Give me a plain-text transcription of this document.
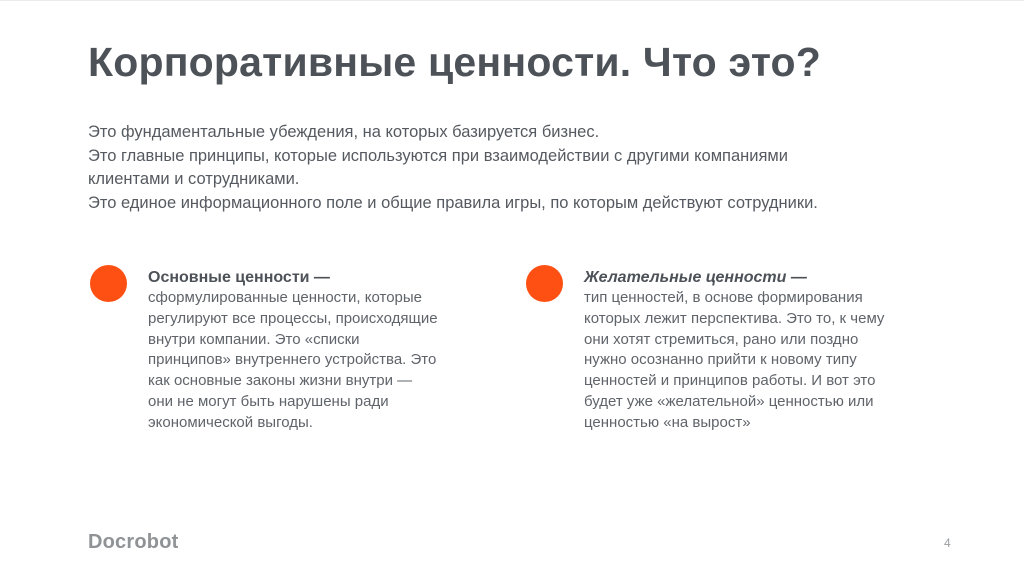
Корпоративные ценности. Что это?

Это фундаментальные убеждения, на которых базируется бизнес.

Это главные принципы, которые используются при взаимодействии с другими компаниями

клиентами и сотрудниками.

Это единое информационного поле и общие правила игры, по которым действуют сотрудники.

Основные ценности —

сформулированные ценности, которые

регулируют все процессы, происходящие

внутри компании. Это «списки

принципов» внутреннего устройства. Это

как основные законы жизни внутри —

они не могут быть нарушены ради

экономической выгоды.

Желательные ценности —

тип ценностей, в основе формирования

которых лежит перспектива. Это то, к чему

они хотят стремиться, рано или поздно

нужно осознанно прийти к новому типу

ценностей и принципов работы. И вот это

будет уже «желательной» ценностью или

ценностью «на вырост»

Docrobot	4
